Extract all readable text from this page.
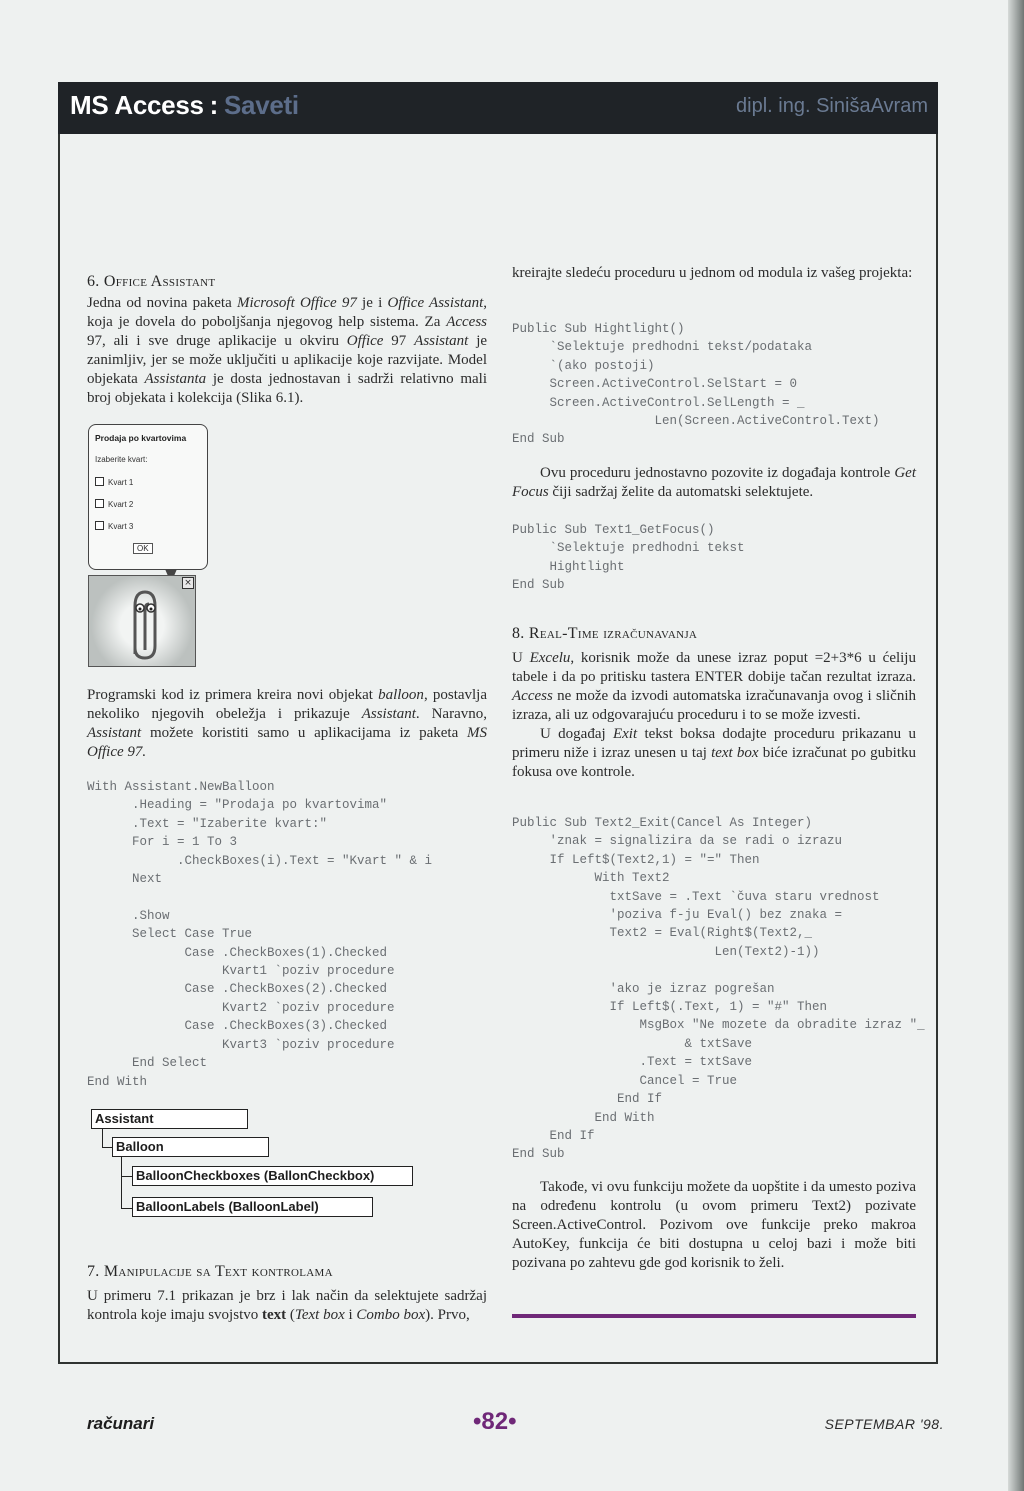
MS Access : Saveti	dipl. ing. SinišaAvram
6. Office Assistant

Jedna od novina paketa Microsoft Office 97 je i Office Assistant, koja je dovela do poboljšanja njegovog help sistema. Za Access 97, ali i sve druge aplikacije u okviru Office 97 Assistant je zanimljiv, jer se može uključiti u aplikacije koje razvijate. Model objekata Assistanta je dosta jednostavan i sadrži relativno mali broj objekata i kolekcija (Slika 6.1).

Prodaja po kvartovima
Izaberite kvart:
Kvart 1
Kvart 2
Kvart 3
OK
×

Programski kod iz primera kreira novi objekat balloon, postavlja nekoliko njegovih obeležja i prikazuje Assistant. Naravno, Assistant možete koristiti samo u aplikacijama iz paketa MS Office 97.

With Assistant.NewBalloon
.Heading = "Prodaja po kvartovima"
.Text = "Izaberite kvart:"
For i = 1 To 3
.CheckBoxes(i).Text = "Kvart " & i
Next

.Show
Select Case True
Case .CheckBoxes(1).Checked
Kvart1 `poziv procedure
Case .CheckBoxes(2).Checked
Kvart2 `poziv procedure
Case .CheckBoxes(3).Checked
Kvart3 `poziv procedure
End Select
End With
Assistant
Balloon
BalloonCheckboxes (BallonCheckbox)
BalloonLabels (BalloonLabel)
7. Manipulacije sa Text kontrolama

U primeru 7.1 prikazan je brz i lak način da selektujete sadržaj kontrola koje imaju svojstvo text (Text box i Combo box). Prvo,

kreirajte sledeću proceduru u jednom od modula iz vašeg projekta:

Public Sub Hightlight()
`Selektuje predhodni tekst/podataka
`(ako postoji)
Screen.ActiveControl.SelStart = 0
Screen.ActiveControl.SelLength = _
Len(Screen.ActiveControl.Text)
End Sub

Ovu proceduru jednostavno pozovite iz događaja kontrole Get Focus čiji sadržaj želite da automatski selektujete.

Public Sub Text1_GetFocus()
`Selektuje predhodni tekst
Hightlight
End Sub
8. Real-Time izračunavanja

U Excelu, korisnik može da unese izraz poput =2+3*6 u ćeliju tabele i da po pritisku tastera ENTER dobije tačan rezultat izraza. Access ne može da izvodi automatska izračunavanja ovog i sličnih izraza, ali uz odgovarajuću proceduru i to se može izvesti.

U događaj Exit tekst boksa dodajte proceduru prikazanu u primeru niže i izraz unesen u taj text box biće izračunat po gubitku fokusa ove kontrole.

Public Sub Text2_Exit(Cancel As Integer)
'znak = signalizira da se radi o izrazu
If Left$(Text2,1) = "=" Then
With Text2
txtSave = .Text `čuva staru vrednost
'poziva f-ju Eval() bez znaka =
Text2 = Eval(Right$(Text2,_
Len(Text2)-1))

'ako je izraz pogrešan
If Left$(.Text, 1) = "#" Then
MsgBox "Ne mozete da obradite izraz "_
& txtSave
.Text = txtSave
Cancel = True
End If
End With
End If
End Sub

Takođe, vi ovu funkciju možete da uopštite i da umesto poziva na određenu kontrolu (u ovom primeru Text2) pozivate Screen.ActiveControl. Pozivom ove funkcije preko makroa AutoKey, funkcija će biti dostupna u celoj bazi i može biti pozivana po zahtevu gde god korisnik to želi.

računari	•82•	SEPTEMBAR '98.
